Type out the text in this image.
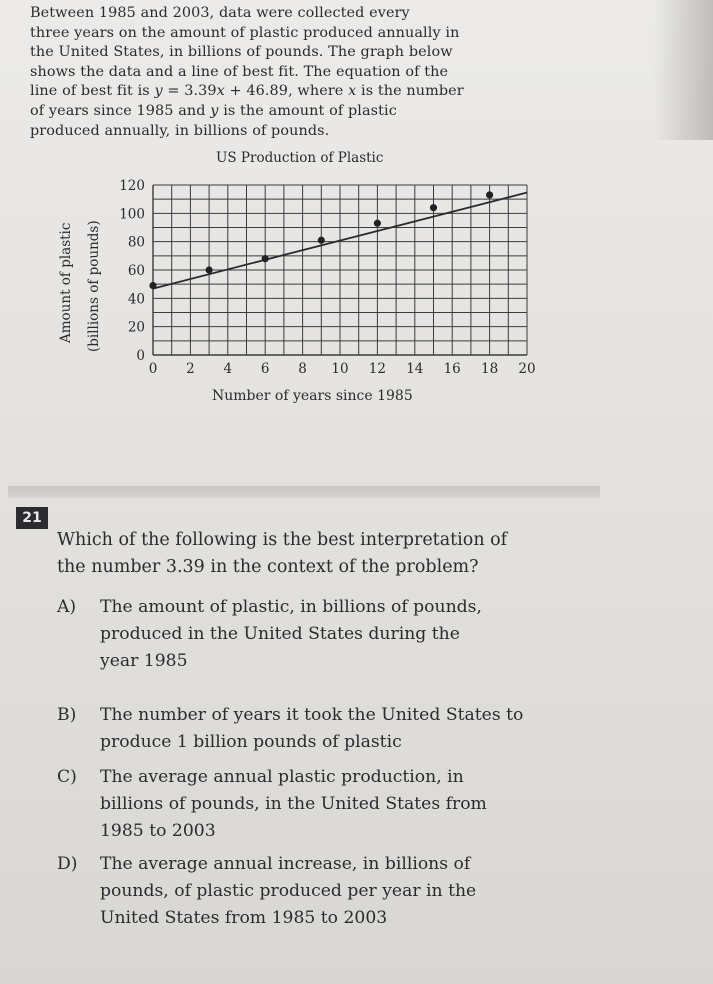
Between 1985 and 2003, data were collected every
three years on the amount of plastic produced annually in
the United States, in billions of pounds. The graph below
shows the data and a line of best fit. The equation of the
line of best fit is y = 3.39x + 46.89, where x is the number
of years since 1985 and y is the amount of plastic
produced annually, in billions of pounds.
US Production of Plastic
Amount of plastic (billions of pounds)
Number of years since 1985
0 2 4 6 8 10 12 14 16 18 20
0
20
40
60
80
100
120
21
Which of the following is the best interpretation of
the number 3.39 in the context of the problem?
A) The amount of plastic, in billions of pounds,
produced in the United States during the
year 1985
B) The number of years it took the United States to
produce 1 billion pounds of plastic
C) The average annual plastic production, in
billions of pounds, in the United States from
1985 to 2003
D) The average annual increase, in billions of
pounds, of plastic produced per year in the
United States from 1985 to 2003
